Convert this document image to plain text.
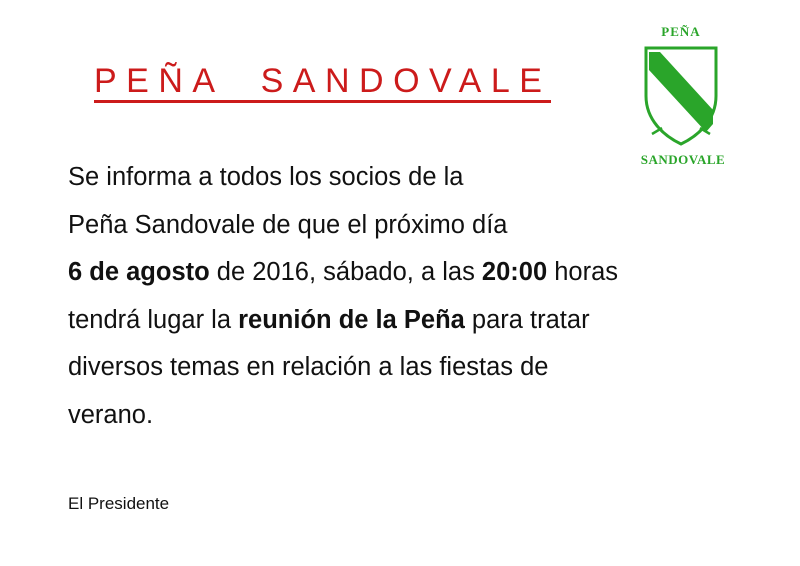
PEÑA  SANDOVALE
PEÑA
SANDOVALE
Se informa a todos los socios de la
Peña Sandovale de que el próximo día
6 de agosto de 2016, sábado, a las 20:00 horas
tendrá lugar la reunión de la Peña para tratar
diversos temas en relación a las fiestas de
verano.
El Presidente
